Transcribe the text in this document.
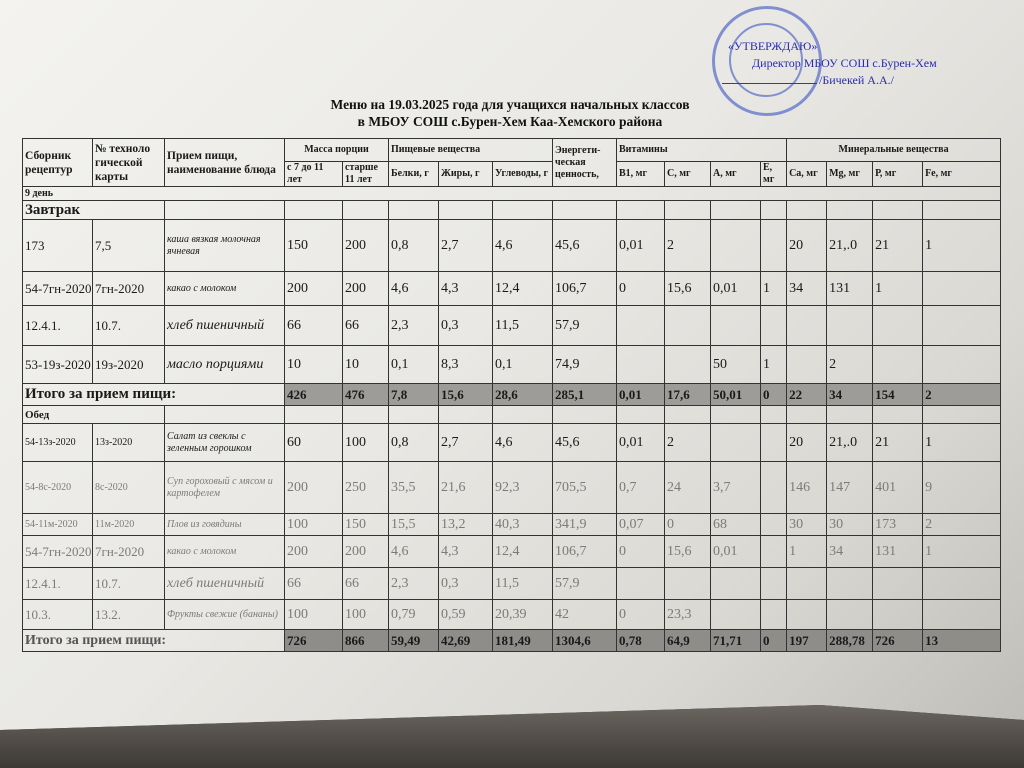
«УТВЕРЖДАЮ»
Директор МБОУ СОШ с.Бурен-Хем
/Бичекей А.А./
Меню на 19.03.2025 года для учащихся начальных классов
в МБОУ СОШ с.Бурен-Хем Каа-Хемского района
Сборник рецептур	№ техноло гической карты	Прием пищи, наименование блюда	Масса порции		Пищевые вещества			Энергети-ческая ценность,	Витамины				Минеральные вещества			
			с 7 до 11 лет	старше 11 лет	Белки, г	Жиры, г	Углеводы, г		В1, мг	С, мг	А, мг	Е, мг	Са, мг	Mg, мг	Р, мг	Fe, мг
9 день																
Завтрак																
173	7,5	каша вязкая молочная ячневая	150	200	0,8	2,7	4,6	45,6	0,01	2			20	21,.0	21	1
54-7гн-2020	7гн-2020	какао с молоком	200	200	4,6	4,3	12,4	106,7	0	15,6	0,01	1	34	131	1	
12.4.1.	10.7.	хлеб пшеничный	66	66	2,3	0,3	11,5	57,9								
53-19з-2020	19з-2020	масло порциями	10	10	0,1	8,3	0,1	74,9			50	1		2		
Итого за прием пищи:			426	476	7,8	15,6	28,6	285,1	0,01	17,6	50,01	0	22	34	154	2
Обед																
54-13з-2020	13з-2020	Салат из свеклы с зеленным горошком	60	100	0,8	2,7	4,6	45,6	0,01	2			20	21,.0	21	1
54-8с-2020	8с-2020	Суп гороховый с мясом и картофелем	200	250	35,5	21,6	92,3	705,5	0,7	24	3,7		146	147	401	9
54-11м-2020	11м-2020	Плов из говядины	100	150	15,5	13,2	40,3	341,9	0,07	0	68		30	30	173	2
54-7гн-2020	7гн-2020	какао с молоком	200	200	4,6	4,3	12,4	106,7	0	15,6	0,01		1	34	131	1
12.4.1.	10.7.	хлеб пшеничный	66	66	2,3	0,3	11,5	57,9								
10.3.	13.2.	Фрукты свежие (бананы)	100	100	0,79	0,59	20,39	42	0	23,3						
Итого за прием пищи:			726	866	59,49	42,69	181,49	1304,6	0,78	64,9	71,71	0	197	288,78	726	13
